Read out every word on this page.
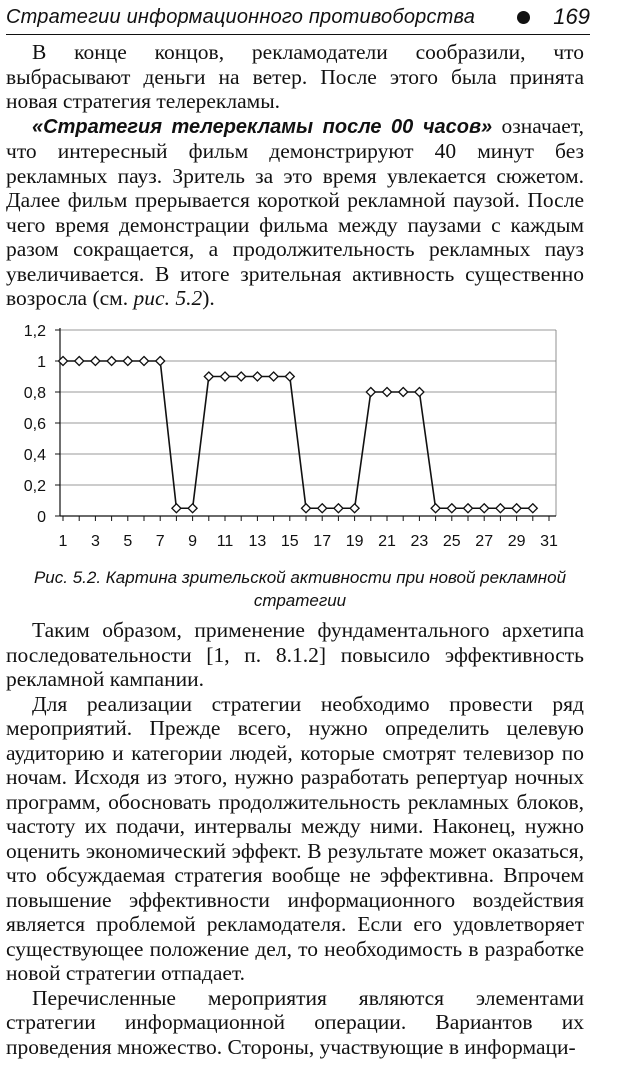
Стратегии информационного противоборства	169

В конце концов, рекламодатели сообразили, что выбрасывают деньги на ветер. После этого была принята новая стратегия телерекламы.

«Стратегия телерекламы после 00 часов» означает, что интересный фильм демонстрируют 40 минут без рекламных пауз. Зритель за это время увлекается сюжетом. Далее фильм прерывается короткой рекламной паузой. После чего время демонстрации фильма между паузами с каждым разом сокращается, а продолжительность рекламных пауз увеличивается. В итоге зрительная активность существенно возросла (см. рис. 5.2).

0
0,2
0,4
0,6
0,8
1
1,2
1 3 5 7 9 11 13 15 17 19 21 23 25 27 29 31
Рис. 5.2. Картина зрительской активности при новой рекламной стратегии

Таким образом, применение фундаментального архетипа последовательности [1, п. 8.1.2] повысило эффективность рекламной кампании.

Для реализации стратегии необходимо провести ряд мероприятий. Прежде всего, нужно определить целевую аудиторию и категории людей, которые смотрят телевизор по ночам. Исходя из этого, нужно разработать репертуар ночных программ, обосновать продолжительность рекламных блоков, частоту их подачи, интервалы между ними. Наконец, нужно оценить экономический эффект. В результате может оказаться, что обсуждаемая стратегия вообще не эффективна. Впрочем повышение эффективности информационного воздействия является проблемой рекламодателя. Если его удовлетворяет существующее положение дел, то необходимость в разработке новой стратегии отпадает.

Перечисленные мероприятия являются элементами стратегии информационной операции. Вариантов их проведения множество. Стороны, участвующие в информаци-
